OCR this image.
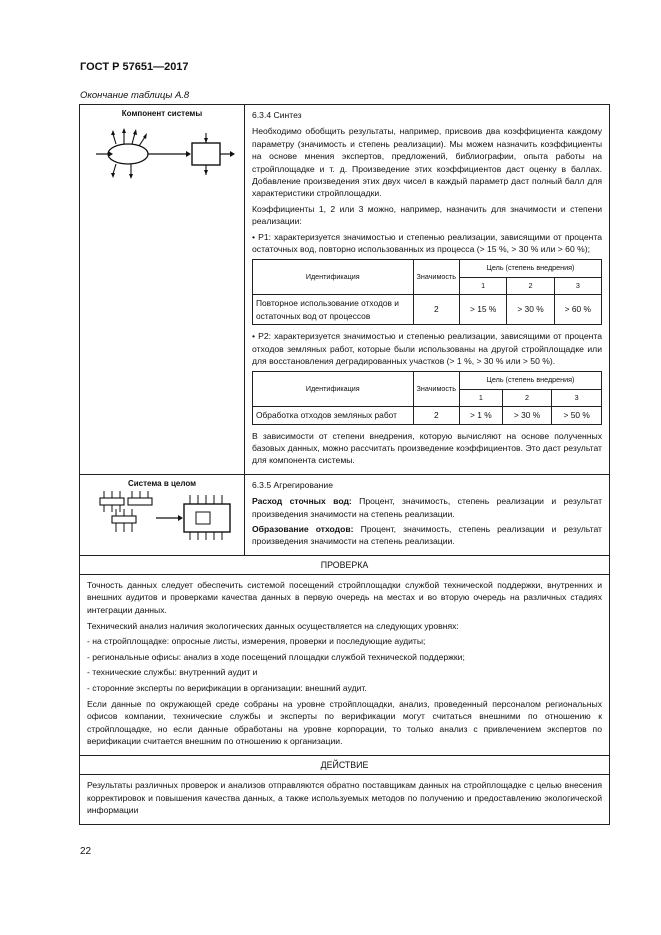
ГОСТ Р 57651—2017
Окончание таблицы А.8
Компонент системы	6.3.4 Синтез

Необходимо обобщить результаты, например, присвоив два коэффициента каждому параметру (значимость и степень реализации). Мы можем назначить коэффициенты на основе мнения экспертов, предложений, библиографии, опыта работы на стройплощадке и т. д. Произведение этих коэффициентов даст оценку в баллах. Добавление произведения этих двух чисел в каждый параметр даст полный балл для характеристики стройплощадки.

Коэффициенты 1, 2 или 3 можно, например, назначить для значимости и степени реализации:

• P1: характеризуется значимостью и степенью реализации, зависящими от процента остаточных вод, повторно использованных из процесса (> 15 %, > 30 % или > 60 %);

Идентификация	Значимость	Цель (степень внедрения)		
		1	2	3
Повторное использование отходов и остаточных вод от процессов	2	> 15 %	> 30 %	> 60 %

• P2: характеризуется значимостью и степенью реализации, зависящими от процента отходов земляных работ, которые были использованы на другой стройплощадке или для восстановления деградированных участков (> 1 %, > 30 % или > 50 %).

Идентификация	Значимость	Цель (степень внедрения)		
		1	2	3
Обработка отходов земляных работ	2	> 1 %	> 30 %	> 50 %

В зависимости от степени внедрения, которую вычисляют на основе полученных базовых данных, можно рассчитать произведение коэффициентов. Это даст результат для компонента системы.

Система в целом	6.3.5 Агрегирование

Расход сточных вод: Процент, значимость, степень реализации и результат произведения значимости на степень реализации.

Образование отходов: Процент, значимость, степень реализации и результат произведения значимости на степень реализации.

ПРОВЕРКА

Точность данных следует обеспечить системой посещений стройплощадки службой технической поддержки, внутренних и внешних аудитов и проверками качества данных в первую очередь на местах и во вторую очередь на различных стадиях интеграции данных.

Технический анализ наличия экологических данных осуществляется на следующих уровнях:

- на стройплощадке: опросные листы, измерения, проверки и последующие аудиты;

- региональные офисы: анализ в ходе посещений площадки службой технической поддержки;

- технические службы: внутренний аудит и

- сторонние эксперты по верификации в организации: внешний аудит.

Если данные по окружающей среде собраны на уровне стройплощадки, анализ, проведенный персоналом региональных офисов компании, технические службы и эксперты по верификации могут считаться внешними по отношению к стройплощадке, но если данные обработаны на уровне корпорации, то только анализ с привлечением экспертов по верификации считается внешним по отношению к организации.

ДЕЙСТВИЕ

Результаты различных проверок и анализов отправляются обратно поставщикам данных на стройплощадке с целью внесения корректировок и повышения качества данных, а также используемых методов по получению и предоставлению экологической информации

22
